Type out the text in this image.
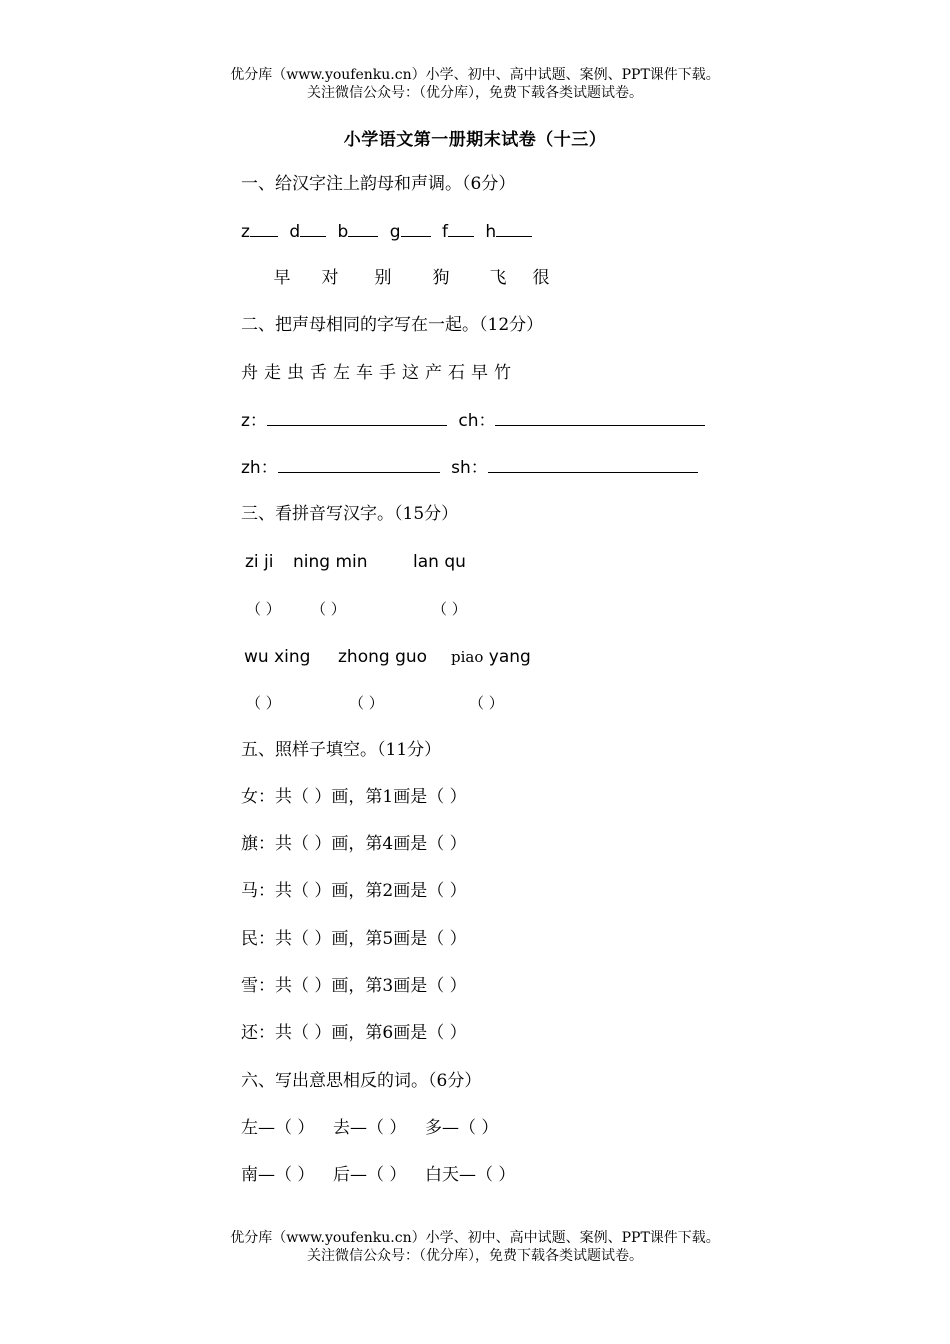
优分库（www.youfenku.cn）小学、初中、高中试题、案例、PPT课件下载。
关注微信公众号：（优分库），免费下载各类试题试卷。
小学语文第一册期末试卷（十三）
一、给汉字注上韵母和声调。（6分）
z d b g f h
早 对 别 狗 飞 很
二、把声母相同的字写在一起。（12分）
舟 走 虫 舌 左 车 手 这 产 石 早 竹
z：	ch：
zh：	sh：
三、看拼音写汉字。（15分）
zi ji ning min	lan qu
（ ） （ ）	（ ）
wu xing zhong guo piao yang
（ ）	（ ）	（ ）
五、照样子填空。（11分）
女：共（ ）画，第1画是（ ）
旗：共（ ）画，第4画是（ ）
马：共（ ）画，第2画是（ ）
民：共（ ）画，第5画是（ ）
雪：共（ ）画，第3画是（ ）
还：共（ ）画，第6画是（ ）
六、写出意思相反的词。（6分）
左—（ ） 去—（ ） 多—（ ）
南—（ ） 后—（ ） 白天—（ ）
优分库（www.youfenku.cn）小学、初中、高中试题、案例、PPT课件下载。
关注微信公众号：（优分库），免费下载各类试题试卷。
